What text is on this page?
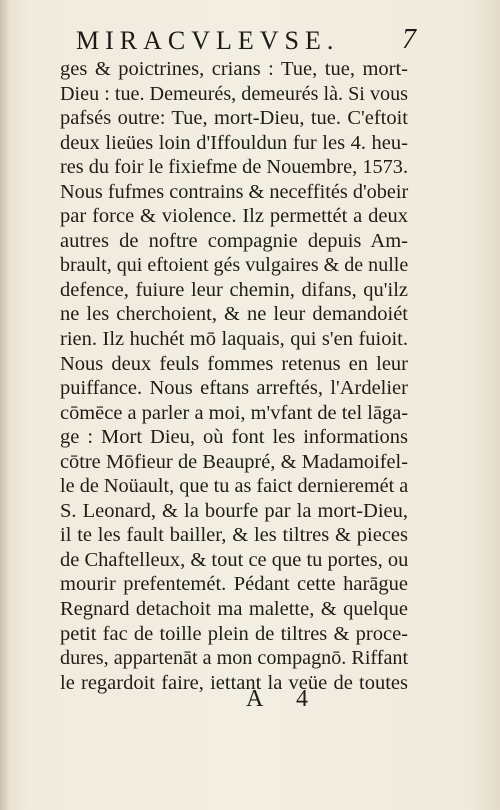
MIRACVLEVSE. 7
ges & poictrines, crians : Tue, tue, mort-
Dieu : tue. Demeurés, demeurés là. Si vous
pafsés outre: Tue, mort-Dieu, tue. C'eftoit
deux lieües loin d'Iffouldun fur les 4. heu-
res du foir le fixiefme de Nouembre, 1573.
Nous fufmes contrains & neceffités d'obeir
par force & violence. Ilz permettét a deux
autres de noftre compagnie depuis Am-
brault, qui eftoient gés vulgaires & de nulle
defence, fuiure leur chemin, difans, qu'ilz
ne les cherchoient, & ne leur demandoiét
rien. Ilz huchét mō laquais, qui s'en fuioit.
Nous deux feuls fommes retenus en leur
puiffance. Nous eftans arreftés, l'Ardelier
cōmēce a parler a moi, m'vfant de tel lāga-
ge : Mort Dieu, où font les informations
cōtre Mōfieur de Beaupré, & Madamoifel-
le de Noüault, que tu as faict dernieremét a
S. Leonard, & la bourfe par la mort-Dieu,
il te les fault bailler, & les tiltres & pieces
de Chaftelleux, & tout ce que tu portes, ou
mourir prefentemét. Pédant cette harāgue
Regnard detachoit ma malette, & quelque
petit fac de toille plein de tiltres & proce-
dures, appartenāt a mon compagnō. Riffant
le regardoit faire, iettant la veüe de toutes
A 4
